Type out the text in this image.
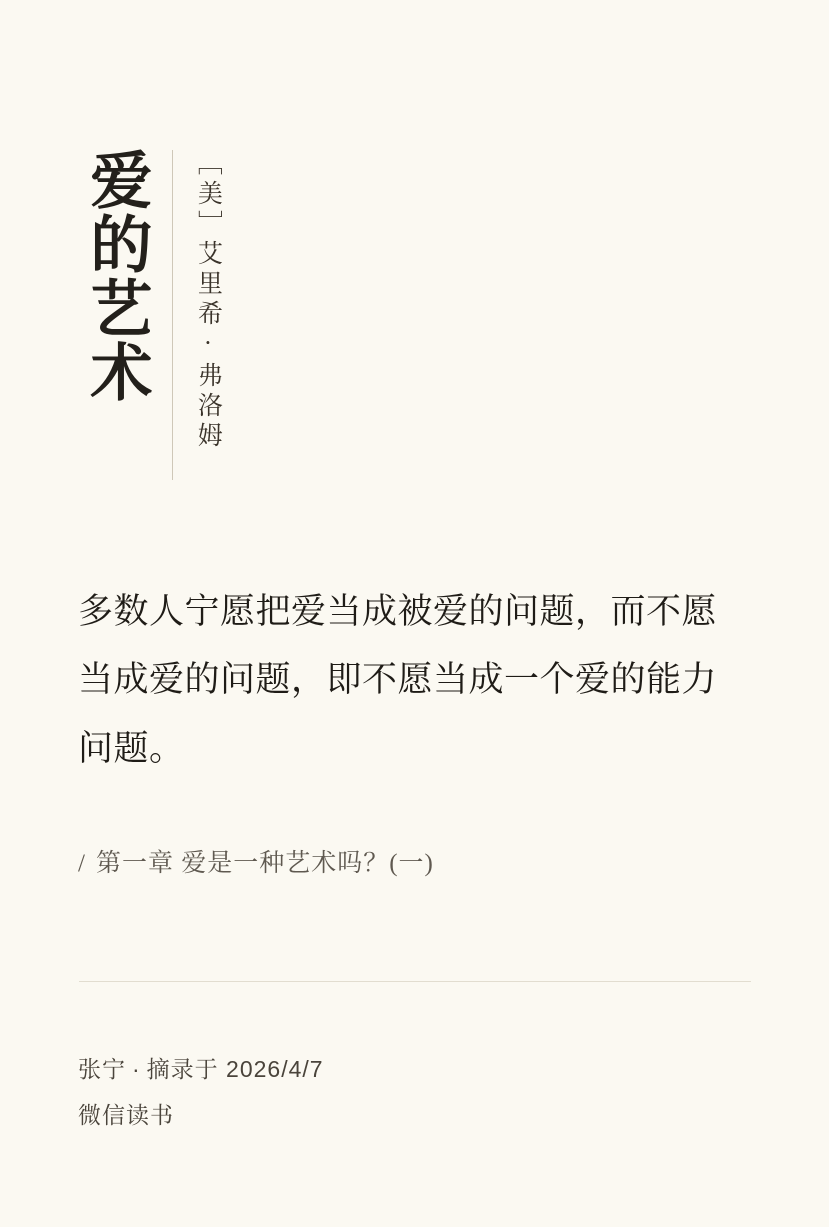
爱的艺术 ［美］艾里希·弗洛姆
多数人宁愿把爱当成被爱的问题，而不愿当成爱的问题，即不愿当成一个爱的能力问题。
/ 第一章 爱是一种艺术吗？(一)
张宁 · 摘录于 2026/4/7
微信读书
